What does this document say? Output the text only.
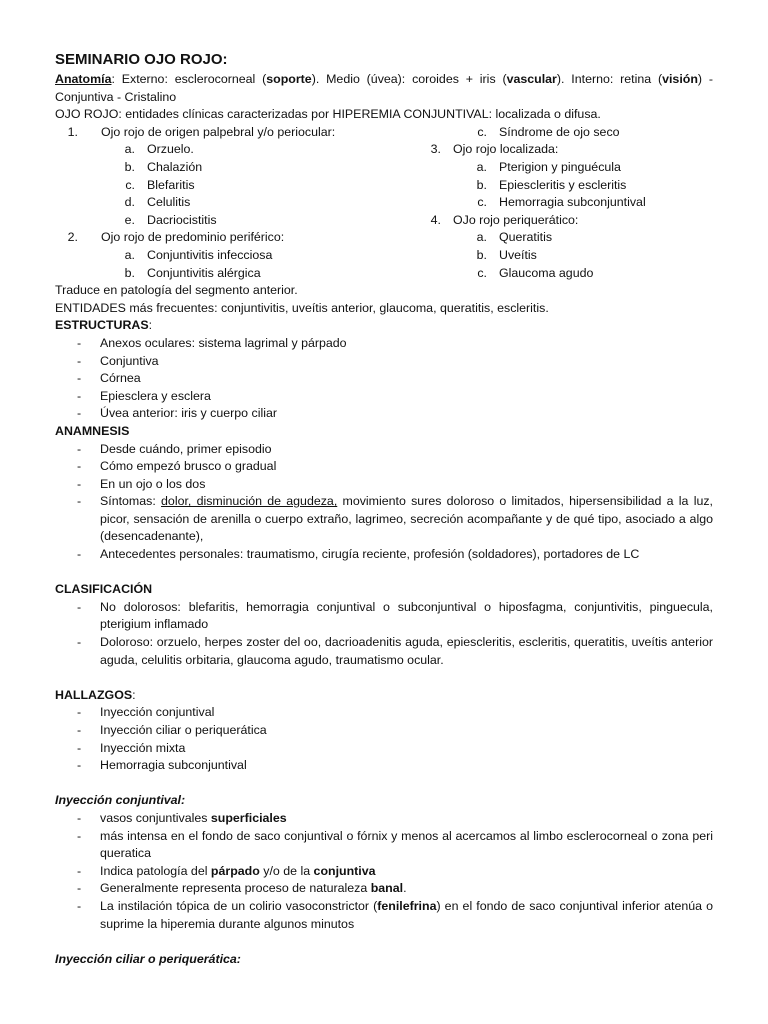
SEMINARIO OJO ROJO:

Anatomía: Externo: esclerocorneal (soporte). Medio (úvea): coroides + iris (vascular). Interno: retina (visión) - Conjuntiva - Cristalino

OJO ROJO: entidades clínicas caracterizadas por HIPEREMIA CONJUNTIVAL: localizada o difusa.

1. Ojo rojo de origen palpebral y/o periocular:
a. Orzuelo.
b. Chalazión
c. Blefaritis
d. Celulitis
e. Dacriocistitis
2. Ojo rojo de predominio periférico:
a. Conjuntivitis infecciosa
b. Conjuntivitis alérgica
c. Síndrome de ojo seco
3. Ojo rojo localizada:
a. Pterigion y pinguécula
b. Epiescleritis y escleritis
c. Hemorragia subconjuntival
4. OJo rojo periquerático:
a. Queratitis
b. Uveítis
c. Glaucoma agudo

Traduce en patología del segmento anterior.

ENTIDADES más frecuentes: conjuntivitis, uveítis anterior, glaucoma, queratitis, escleritis.

ESTRUCTURAS:

- Anexos oculares: sistema lagrimal y párpado
- Conjuntiva
- Córnea
- Epiesclera y esclera
- Úvea anterior: iris y cuerpo ciliar

ANAMNESIS

- Desde cuándo, primer episodio
- Cómo empezó brusco o gradual
- En un ojo o los dos
- Síntomas: dolor, disminución de agudeza, movimiento sures doloroso o limitados, hipersensibilidad a la luz, picor, sensación de arenilla o cuerpo extraño, lagrimeo, secreción acompañante y de qué tipo, asociado a algo (desencadenante),
- Antecedentes personales: traumatismo, cirugía reciente, profesión (soldadores), portadores de LC

CLASIFICACIÓN

- No dolorosos: blefaritis, hemorragia conjuntival o subconjuntival o hiposfagma, conjuntivitis, pinguecula, pterigium inflamado
- Doloroso: orzuelo, herpes zoster del oo, dacrioadenitis aguda, epiescleritis, escleritis, queratitis, uveítis anterior aguda, celulitis orbitaria, glaucoma agudo, traumatismo ocular.

HALLAZGOS:

- Inyección conjuntival
- Inyección ciliar o periquerática
- Inyección mixta
- Hemorragia subconjuntival

Inyección conjuntival:

- vasos conjuntivales superficiales
- más intensa en el fondo de saco conjuntival o fórnix y menos al acercamos al limbo esclerocorneal o zona peri queratica
- Indica patología del párpado y/o de la conjuntiva
- Generalmente representa proceso de naturaleza banal.
- La instilación tópica de un colirio vasoconstrictor (fenilefrina) en el fondo de saco conjuntival inferior atenúa o suprime la hiperemia durante algunos minutos

Inyección ciliar o periquerática:
